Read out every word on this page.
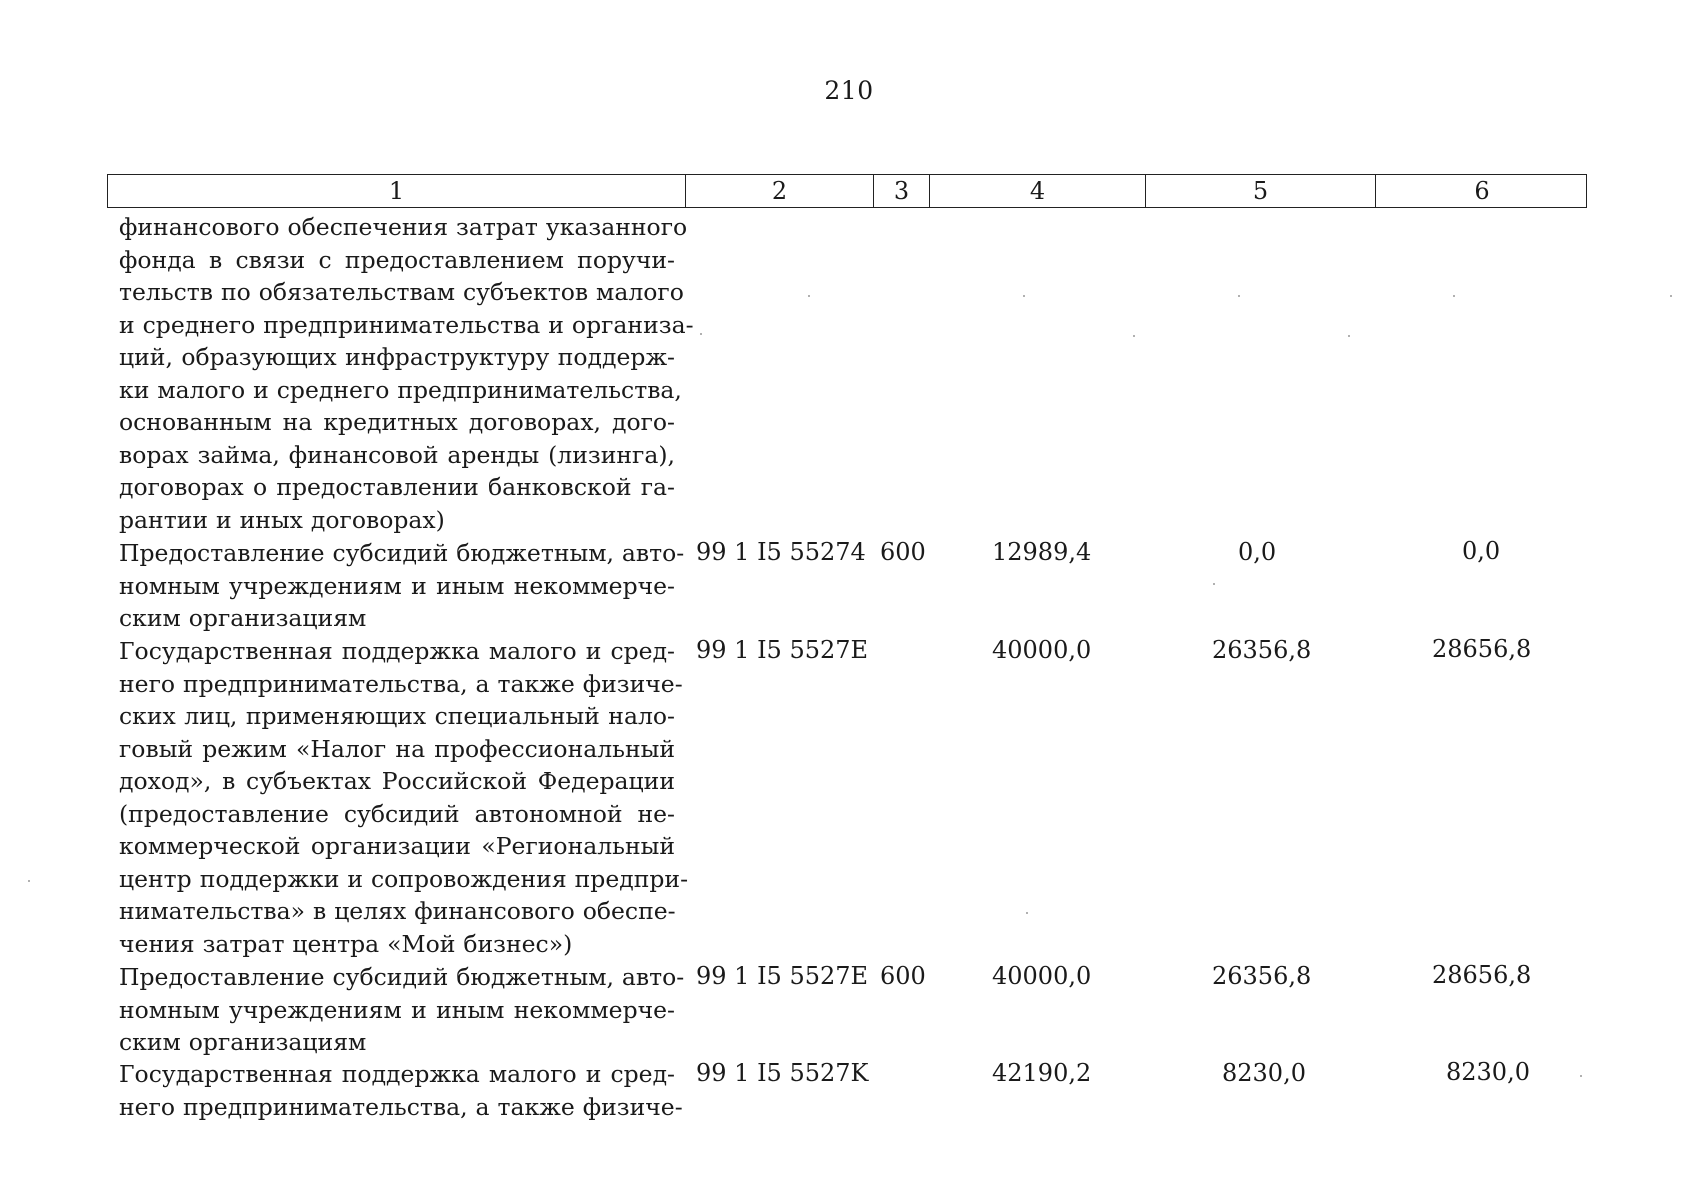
210
1	2	3	4	5	6
финансового обеспечения затрат указанного
фонда в связи с предоставлением поручи-
тельств по обязательствам субъектов малого
и среднего предпринимательства и организа-
ций, образующих инфраструктуру поддерж-
ки малого и среднего предпринимательства,
основанным на кредитных договорах, дого-
ворах займа, финансовой аренды (лизинга),
договорах о предоставлении банковской га-
рантии и иных договорах)
Предоставление субсидий бюджетным, авто-
номным учреждениям и иным некоммерче-
ским организациям
99 1 I5 55274 600	12989,4	0,0	0,0
Государственная поддержка малого и сред-
него предпринимательства, а также физиче-
ских лиц, применяющих специальный нало-
говый режим «Налог на профессиональный
доход», в субъектах Российской Федерации
(предоставление субсидий автономной не-
коммерческой организации «Региональный
центр поддержки и сопровождения предпри-
нимательства» в целях финансового обеспе-
чения затрат центра «Мой бизнес»)
99 1 I5 5527E	40000,0	26356,8	28656,8
Предоставление субсидий бюджетным, авто-
номным учреждениям и иным некоммерче-
ским организациям
99 1 I5 5527E 600	40000,0	26356,8	28656,8
Государственная поддержка малого и сред-
него предпринимательства, а также физиче-
99 1 I5 5527K	42190,2	8230,0	8230,0
